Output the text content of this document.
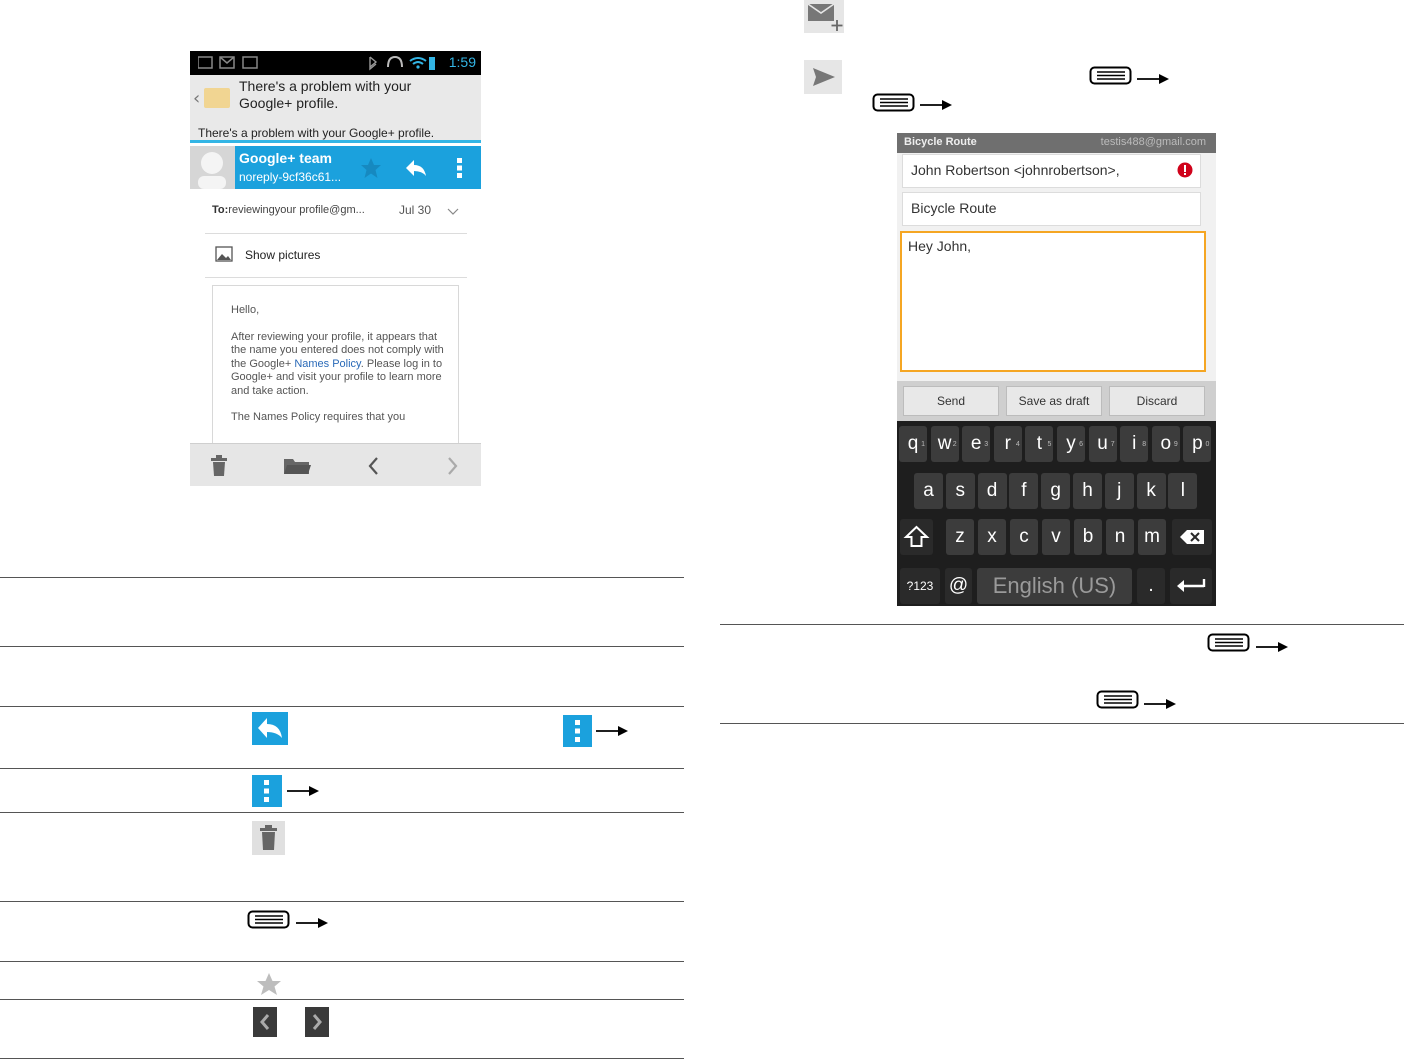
1:59
‹
There's a problem with your Google+ profile.
There's a problem with your Google+ profile.
Google+ team
noreply-9cf36c61...
To:reviewingyour profile@gm...	Jul 30
Show pictures

Hello,

After reviewing your profile, it appears that the name you entered does not comply with the Google+ Names Policy. Please log in to Google+ and visit your profile to learn more and take action.

The Names Policy requires that you

Bicycle Route	testis488@gmail.com
John Robertson <johnrobertson>,
Bicycle Route
Hey John,
Send	Save as draft	Discard
?123 @	English (US)	.
q 1 w 2 e 3 r 4 t 5 y 6 u 7 i 8 o 9 p 0
a	s	d	f	g	h	j	k	l
z	x	c	v	b	n m
